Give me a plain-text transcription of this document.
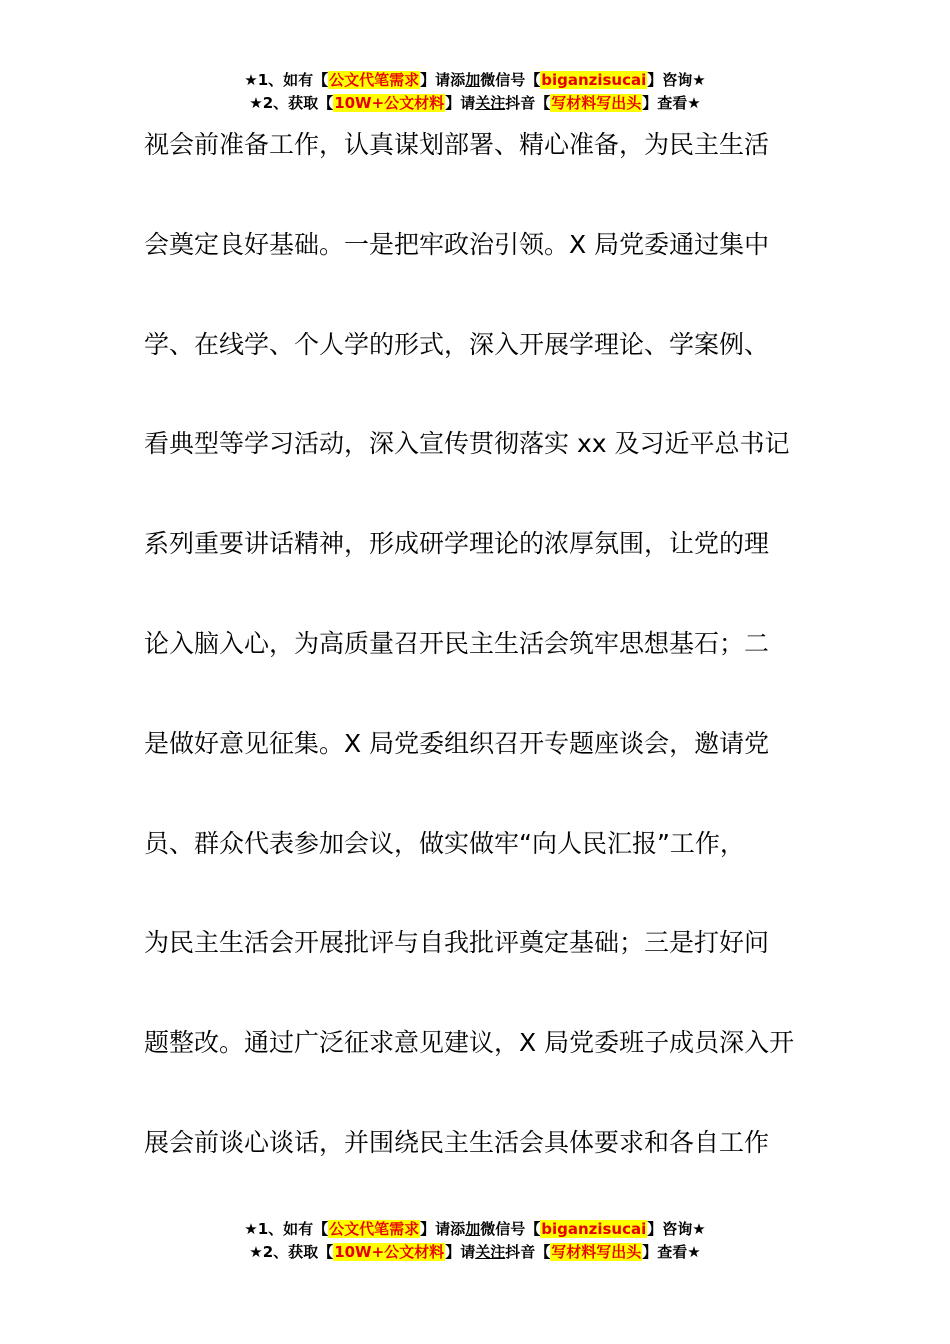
★1、如有【公文代笔需求】请添加微信号【biganzisucai】咨询★
★2、获取【10W+公文材料】请关注抖音【写材料写出头】查看★
视会前准备工作，认真谋划部署、精心准备，为民主生活
会奠定良好基础。一是把牢政治引领。X 局党委通过集中
学、在线学、个人学的形式，深入开展学理论、学案例、
看典型等学习活动，深入宣传贯彻落实 xx 及习近平总书记
系列重要讲话精神，形成研学理论的浓厚氛围，让党的理
论入脑入心，为高质量召开民主生活会筑牢思想基石；二
是做好意见征集。X 局党委组织召开专题座谈会，邀请党
员、群众代表参加会议，做实做牢“向人民汇报”工作，
为民主生活会开展批评与自我批评奠定基础；三是打好问
题整改。通过广泛征求意见建议，X 局党委班子成员深入开
展会前谈心谈话，并围绕民主生活会具体要求和各自工作
★1、如有【公文代笔需求】请添加微信号【biganzisucai】咨询★
★2、获取【10W+公文材料】请关注抖音【写材料写出头】查看★
